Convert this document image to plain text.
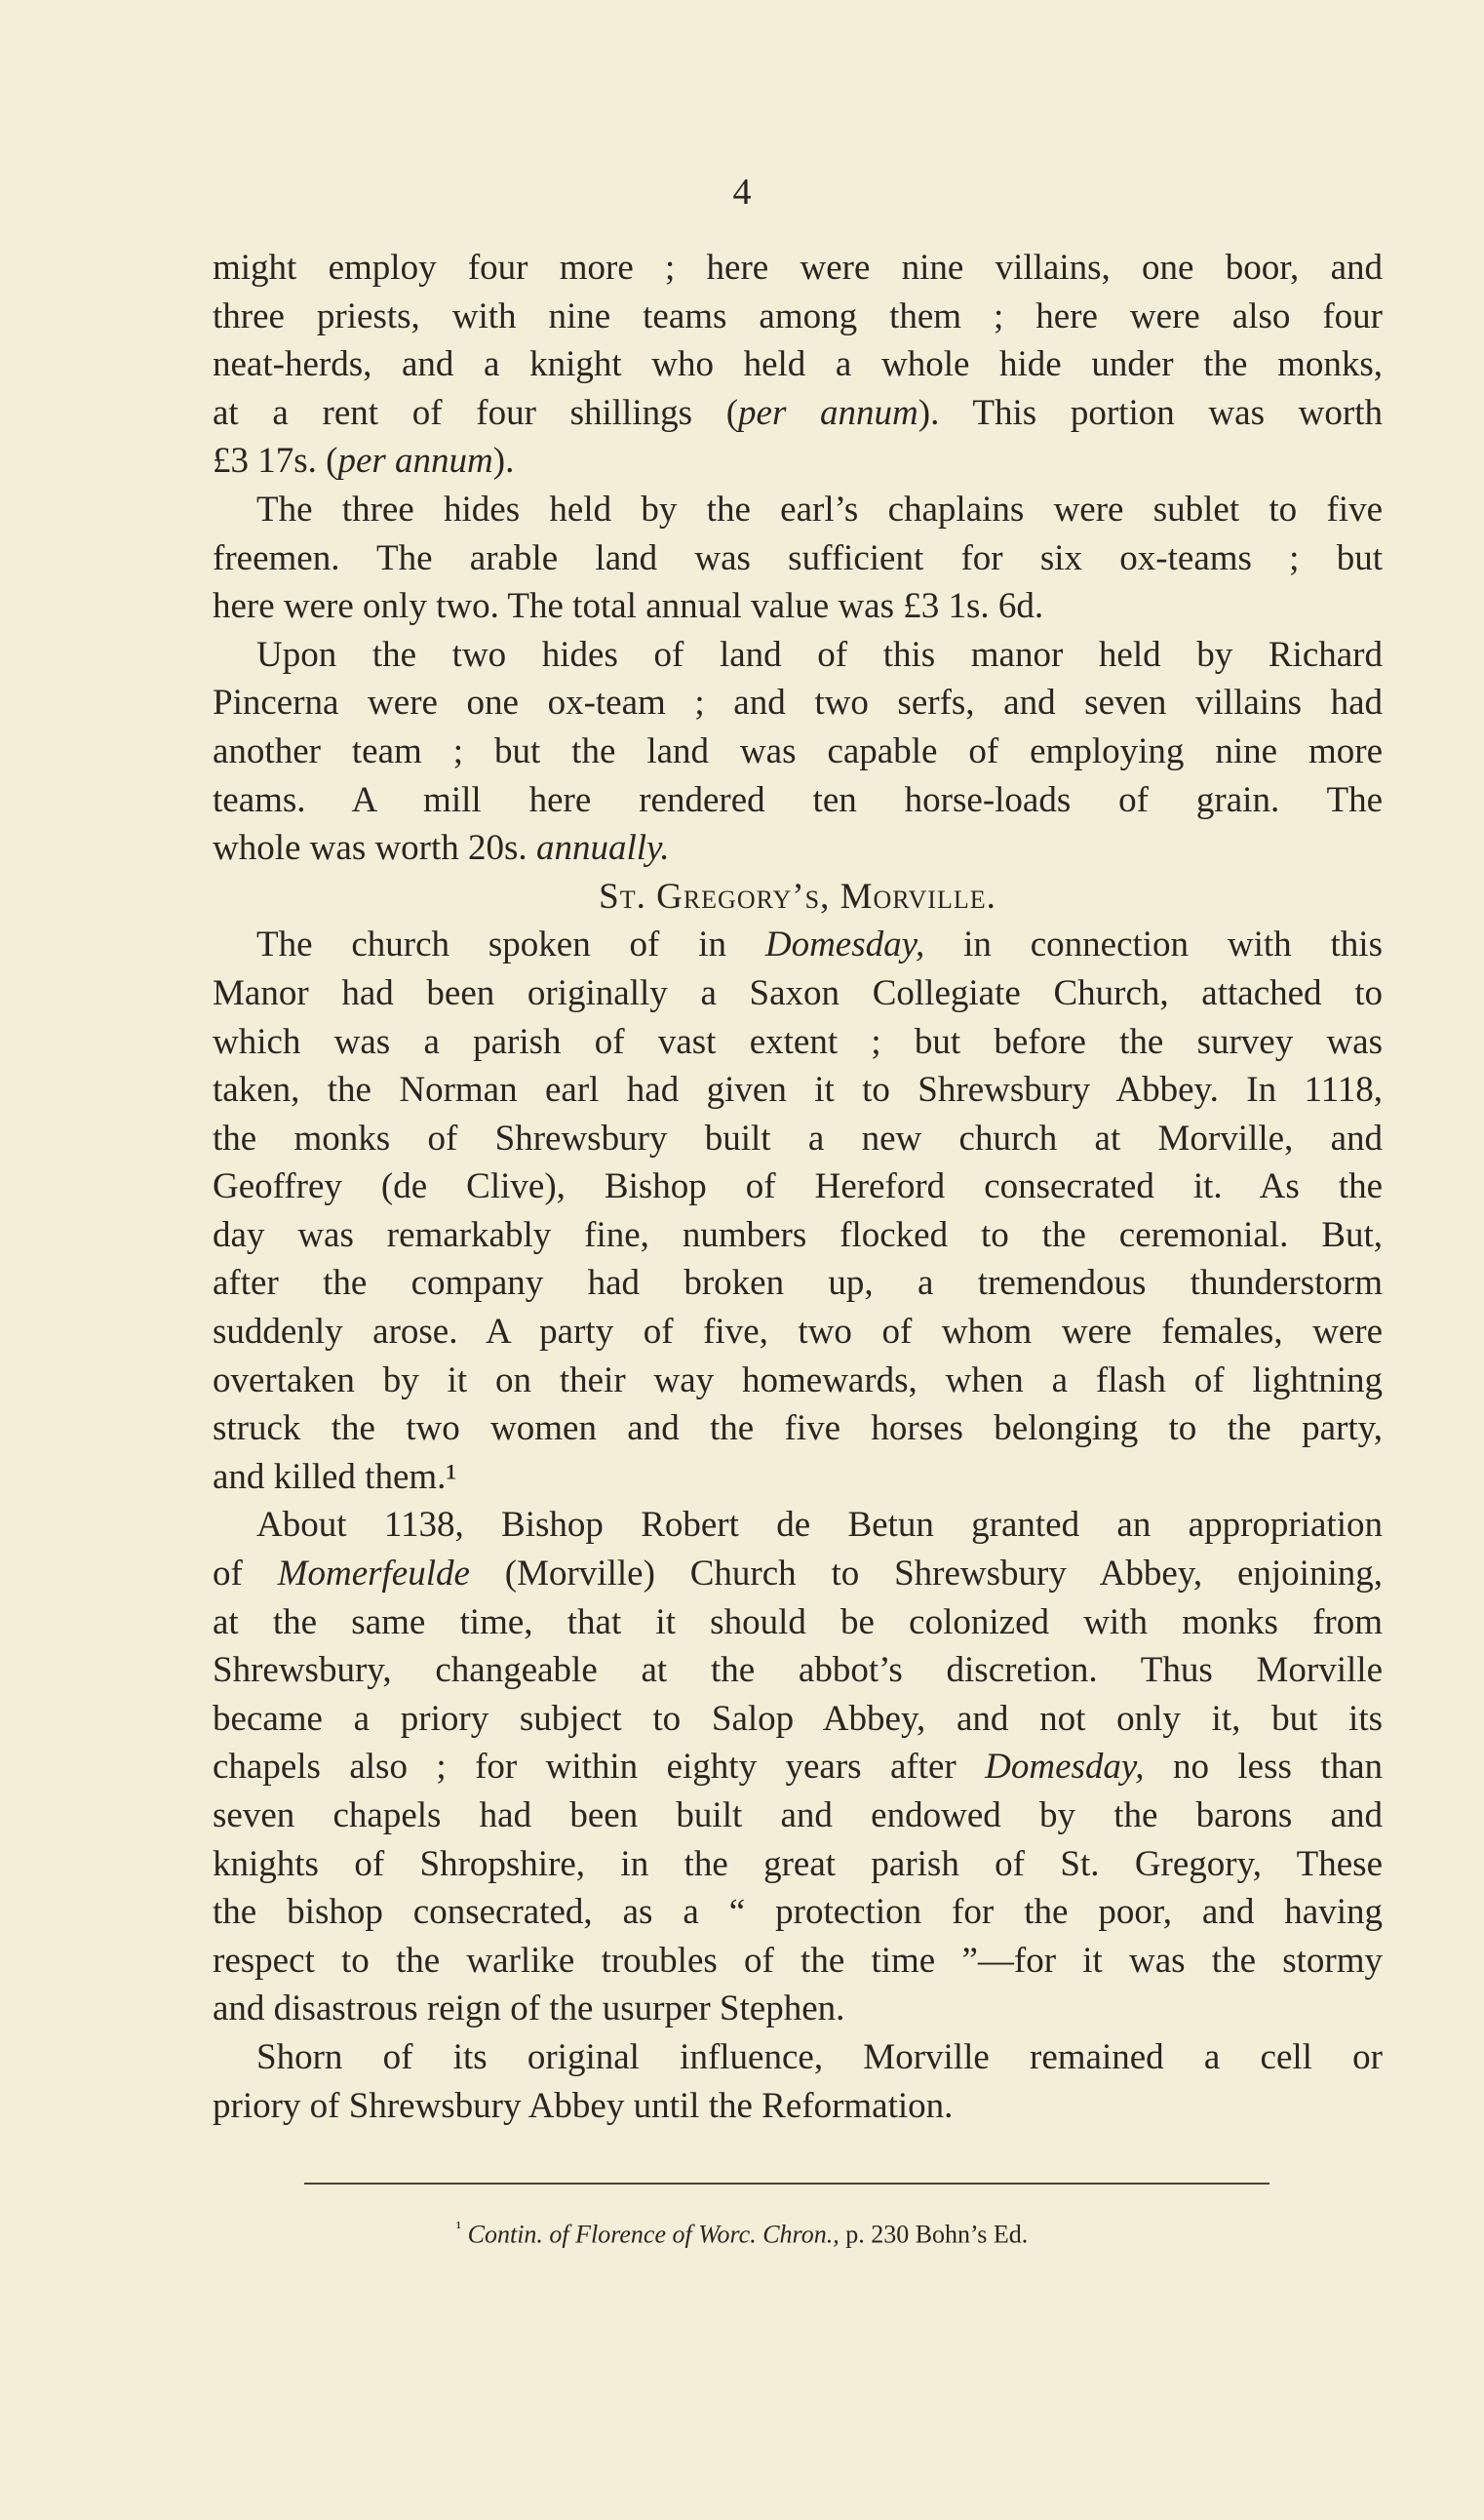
4
might employ four more ; here were nine villains, one boor, and
three priests, with nine teams among them ; here were also four
neat-herds, and a knight who held a whole hide under the monks,
at a rent of four shillings (per annum). This portion was worth
£3 17s. (per annum).
The three hides held by the earl’s chaplains were sublet to five
freemen. The arable land was sufficient for six ox-teams ; but
here were only two. The total annual value was £3 1s. 6d.
Upon the two hides of land of this manor held by Richard
Pincerna were one ox-team ; and two serfs, and seven villains had
another team ; but the land was capable of employing nine more
teams. A mill here rendered ten horse-loads of grain. The
whole was worth 20s. annually.
St. Gregory’s, Morville.
The church spoken of in Domesday, in connection with this
Manor had been originally a Saxon Collegiate Church, attached to
which was a parish of vast extent ; but before the survey was
taken, the Norman earl had given it to Shrewsbury Abbey. In 1118,
the monks of Shrewsbury built a new church at Morville, and
Geoffrey (de Clive), Bishop of Hereford consecrated it. As the
day was remarkably fine, numbers flocked to the ceremonial. But,
after the company had broken up, a tremendous thunderstorm
suddenly arose. A party of five, two of whom were females, were
overtaken by it on their way homewards, when a flash of lightning
struck the two women and the five horses belonging to the party,
and killed them.¹
About 1138, Bishop Robert de Betun granted an appropriation
of Momerfeulde (Morville) Church to Shrewsbury Abbey, enjoining,
at the same time, that it should be colonized with monks from
Shrewsbury, changeable at the abbot’s discretion. Thus Morville
became a priory subject to Salop Abbey, and not only it, but its
chapels also ; for within eighty years after Domesday, no less than
seven chapels had been built and endowed by the barons and
knights of Shropshire, in the great parish of St. Gregory, These
the bishop consecrated, as a “ protection for the poor, and having
respect to the warlike troubles of the time ”—for it was the stormy
and disastrous reign of the usurper Stephen.
Shorn of its original influence, Morville remained a cell or
priory of Shrewsbury Abbey until the Reformation.
$^{^1}$ Contin. of Florence of Worc. Chron., p. 230 Bohn’s Ed.
